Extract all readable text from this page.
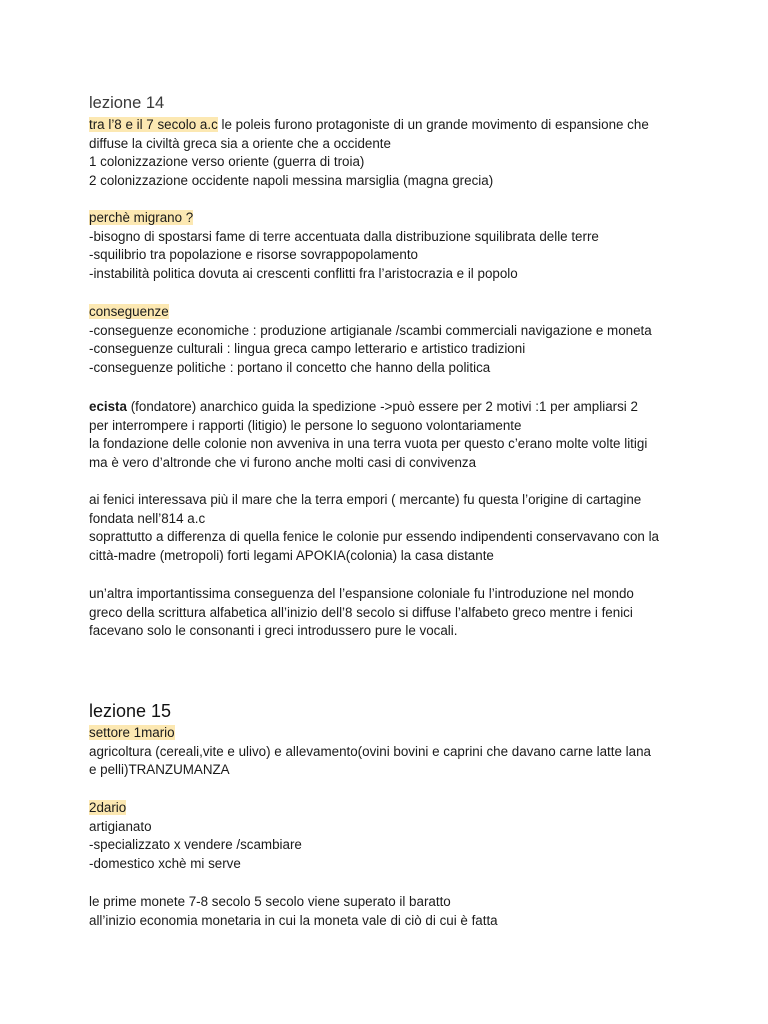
lezione 14
tra l’8 e il 7 secolo a.c le poleis furono protagoniste di un grande movimento di espansione che
diffuse la civiltà greca sia a oriente che a occidente
1 colonizzazione verso oriente (guerra di troia)
2 colonizzazione occidente napoli messina marsiglia (magna grecia)
perchè migrano ?
-bisogno di spostarsi fame di terre accentuata dalla distribuzione squilibrata delle terre
-squilibrio tra popolazione e risorse sovrappopolamento
-instabilità politica dovuta ai crescenti conflitti fra l’aristocrazia e il popolo
conseguenze
-conseguenze economiche : produzione artigianale /scambi commerciali navigazione e moneta
-conseguenze culturali : lingua greca campo letterario e artistico tradizioni
-conseguenze politiche : portano il concetto che hanno della politica
ecista (fondatore) anarchico guida la spedizione ->può essere per 2 motivi :1 per ampliarsi 2
per interrompere i rapporti (litigio) le persone lo seguono volontariamente
la fondazione delle colonie non avveniva in una terra vuota per questo c’erano molte volte litigi
ma è vero d’altronde che vi furono anche molti casi di convivenza
ai fenici interessava più il mare che la terra empori ( mercante) fu questa l’origine di cartagine
fondata nell’814 a.c
soprattutto a differenza di quella fenice le colonie pur essendo indipendenti conservavano con la
città-madre (metropoli) forti legami APOKIA(colonia) la casa distante
un’altra importantissima conseguenza del l’espansione coloniale fu l’introduzione nel mondo
greco della scrittura alfabetica all’inizio dell’8 secolo si diffuse l’alfabeto greco mentre i fenici
facevano solo le consonanti i greci introdussero pure le vocali.
lezione 15
settore 1mario
agricoltura (cereali,vite e ulivo) e allevamento(ovini bovini e caprini che davano carne latte lana
e pelli)TRANZUMANZA
2dario
artigianato
-specializzato x vendere /scambiare
-domestico xchè mi serve
le prime monete 7-8 secolo 5 secolo viene superato il baratto
all’inizio economia monetaria in cui la moneta vale di ciò di cui è fatta
